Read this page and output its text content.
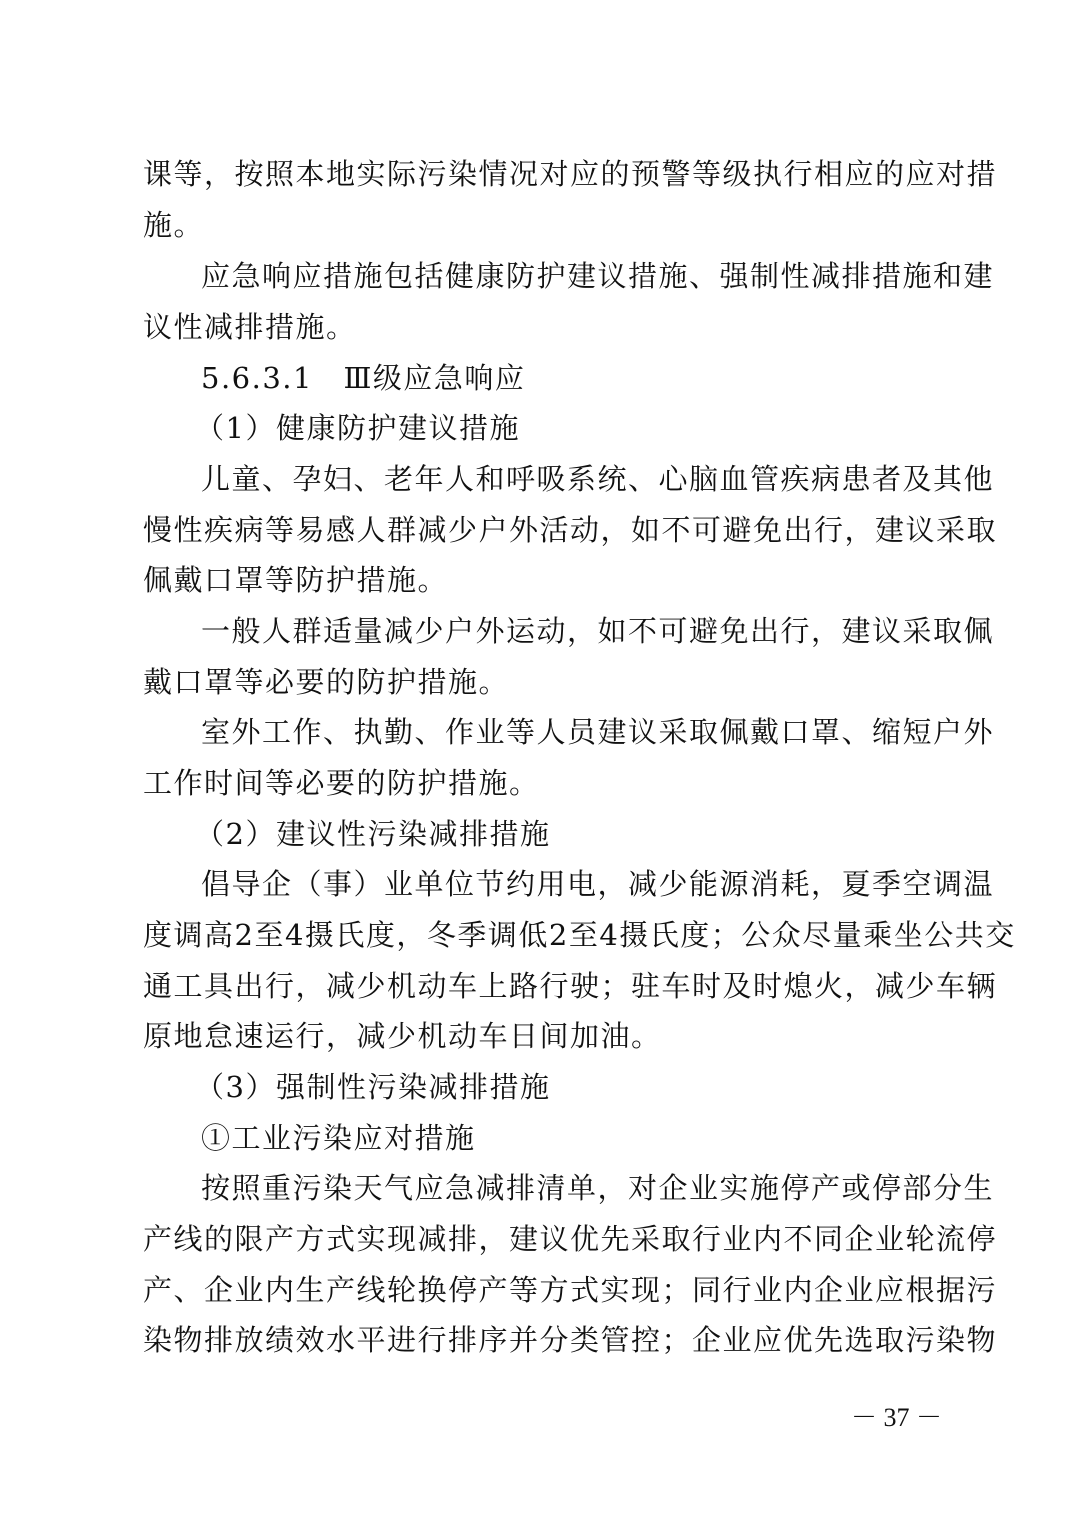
课等，按照本地实际污染情况对应的预警等级执行相应的应对措
施。
应急响应措施包括健康防护建议措施、强制性减排措施和建
议性减排措施。
5.6.3.1　Ⅲ级应急响应
（1）健康防护建议措施
儿童、孕妇、老年人和呼吸系统、心脑血管疾病患者及其他
慢性疾病等易感人群减少户外活动，如不可避免出行，建议采取
佩戴口罩等防护措施。
一般人群适量减少户外运动，如不可避免出行，建议采取佩
戴口罩等必要的防护措施。
室外工作、执勤、作业等人员建议采取佩戴口罩、缩短户外
工作时间等必要的防护措施。
（2）建议性污染减排措施
倡导企（事）业单位节约用电，减少能源消耗，夏季空调温
度调高2至4摄氏度，冬季调低2至4摄氏度；公众尽量乘坐公共交
通工具出行，减少机动车上路行驶；驻车时及时熄火，减少车辆
原地怠速运行，减少机动车日间加油。
（3）强制性污染减排措施
①工业污染应对措施
按照重污染天气应急减排清单，对企业实施停产或停部分生
产线的限产方式实现减排，建议优先采取行业内不同企业轮流停
产、企业内生产线轮换停产等方式实现；同行业内企业应根据污
染物排放绩效水平进行排序并分类管控；企业应优先选取污染物
－ 37 －
